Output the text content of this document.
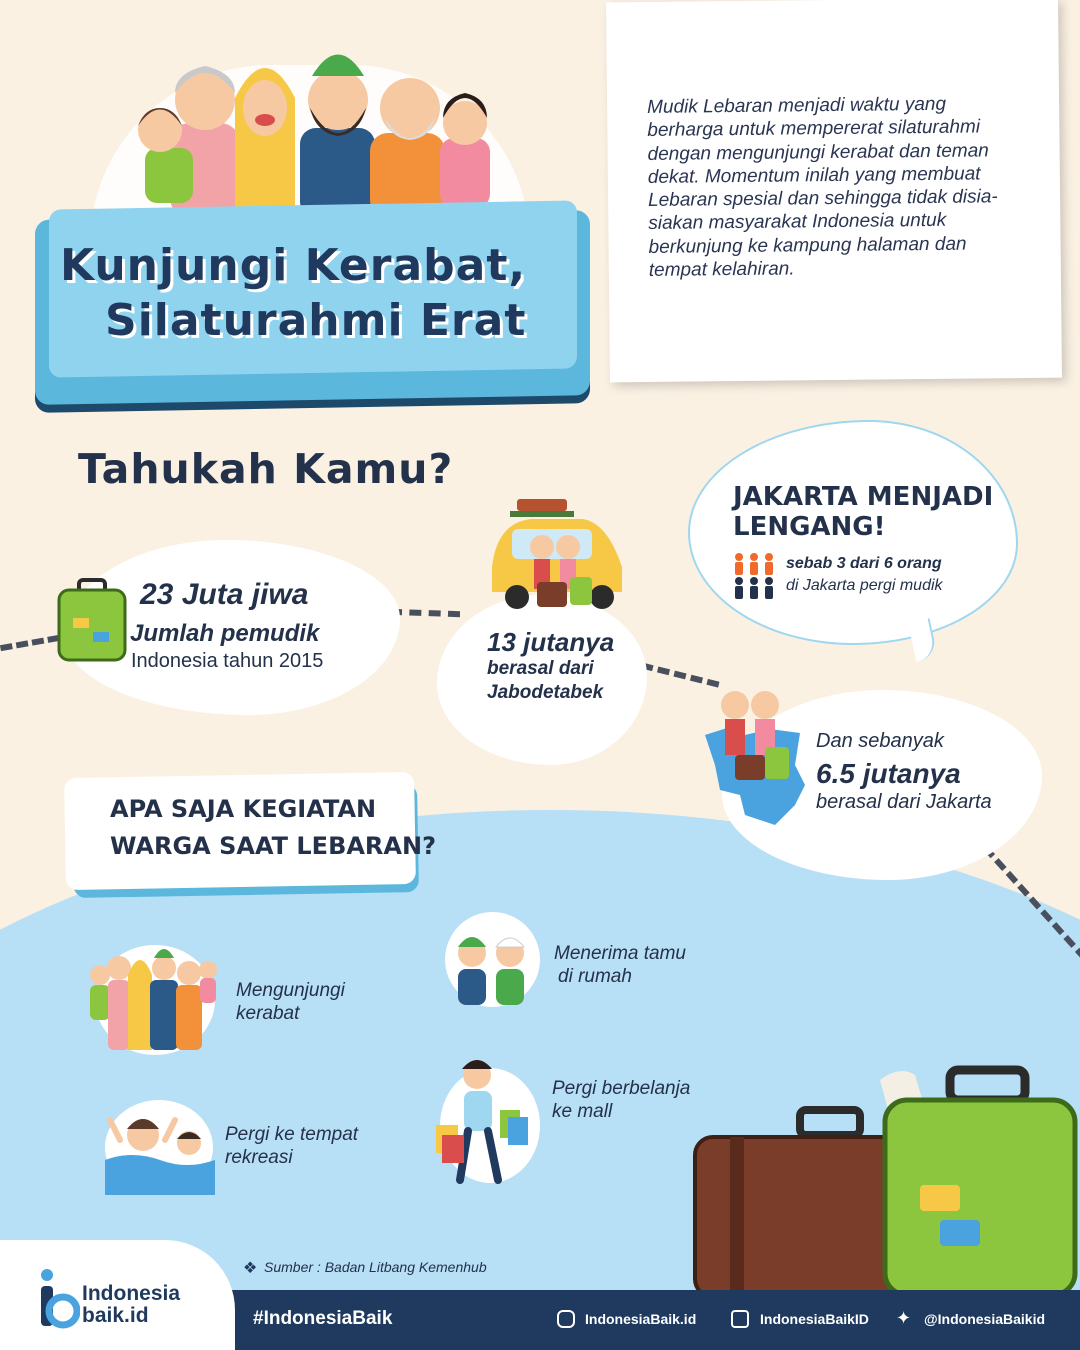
Kunjungi Kerabat,
Silaturahmi Erat

Mudik Lebaran menjadi waktu yang berharga untuk mempererat silaturahmi dengan mengunjungi kerabat dan teman dekat. Momentum inilah yang membuat Lebaran spesial dan sehingga tidak disia-siakan masyarakat Indonesia untuk berkunjung ke kampung halaman dan tempat kelahiran.

Tahukah Kamu?
23 Juta jiwa
Jumlah pemudik
Indonesia tahun 2015
13 jutanya
berasal dari
Jabodetabek
JAKARTA MENJADI
LENGANG!
sebab 3 dari 6 orang
di Jakarta pergi mudik
Dan sebanyak
6.5 jutanya
berasal dari Jakarta
APA SAJA KEGIATAN
WARGA SAAT LEBARAN?
Mengunjungi
kerabat
Menerima tamu
di rumah
Pergi ke tempat
rekreasi
Pergi berbelanja
ke mall
❖ Sumber : Badan Litbang Kemenhub
Indonesia
baik.id	#IndonesiaBaik	IndonesiaBaik.id	IndonesiaBaikID ✦ @IndonesiaBaikid
